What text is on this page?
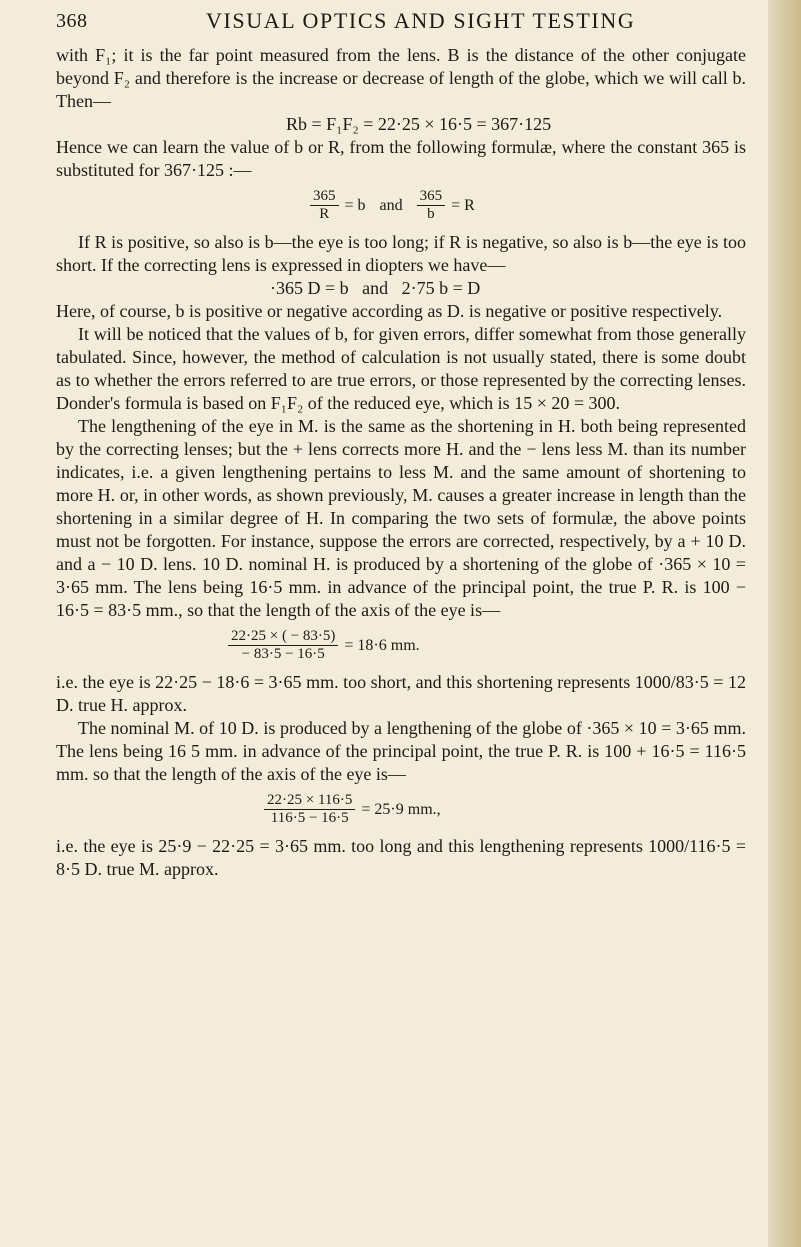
368	VISUAL OPTICS AND SIGHT TESTING

with F₁; it is the far point measured from the lens. B is the distance of the other conjugate beyond F₂ and therefore is the increase or decrease of length of the globe, which we will call b. Then—

Rb = F₁F₂ = 22·25 × 16·5 = 367·125

Hence we can learn the value of b or R, from the following formulæ, where the constant 365 is substituted for 367·125 :—

$\frac{365}{R} = b$ and $\frac{365}{b} = R$

If R is positive, so also is b—the eye is too long; if R is negative, so also is b—the eye is too short. If the correcting lens is expressed in diopters we have—

·365 D = b   and   2·75 b = D

Here, of course, b is positive or negative according as D. is negative or positive respectively.

It will be noticed that the values of b, for given errors, differ somewhat from those generally tabulated. Since, however, the method of calculation is not usually stated, there is some doubt as to whether the errors referred to are true errors, or those represented by the correcting lenses. Donder's formula is based on F₁F₂ of the reduced eye, which is 15 × 20 = 300.

The lengthening of the eye in M. is the same as the shortening in H. both being represented by the correcting lenses; but the + lens corrects more H. and the − lens less M. than its number indicates, i.e. a given lengthening pertains to less M. and the same amount of shortening to more H. or, in other words, as shown previously, M. causes a greater increase in length than the shortening in a similar degree of H. In comparing the two sets of formulæ, the above points must not be forgotten. For instance, suppose the errors are corrected, respectively, by a + 10 D. and a − 10 D. lens. 10 D. nominal H. is produced by a shortening of the globe of ·365 × 10 = 3·65 mm. The lens being 16·5 mm. in advance of the principal point, the true P. R. is 100 − 16·5 = 83·5 mm., so that the length of the axis of the eye is—

$\frac{22\cdot 25 \times ( - 83\cdot 5)}{- 83\cdot 5 - 16\cdot 5} = 18\cdot 6$ mm.

i.e. the eye is 22·25 − 18·6 = 3·65 mm. too short, and this shortening represents 1000/83·5 = 12 D. true H. approx.

The nominal M. of 10 D. is produced by a lengthening of the globe of ·365 × 10 = 3·65 mm. The lens being 16 5 mm. in advance of the principal point, the true P. R. is 100 + 16·5 = 116·5 mm. so that the length of the axis of the eye is—

$\frac{22\cdot 25 \times 116\cdot 5}{116\cdot 5 - 16\cdot 5} = 25\cdot 9$ mm.,

i.e. the eye is 25·9 − 22·25 = 3·65 mm. too long and this lengthening represents 1000/116·5 = 8·5 D. true M. approx.
